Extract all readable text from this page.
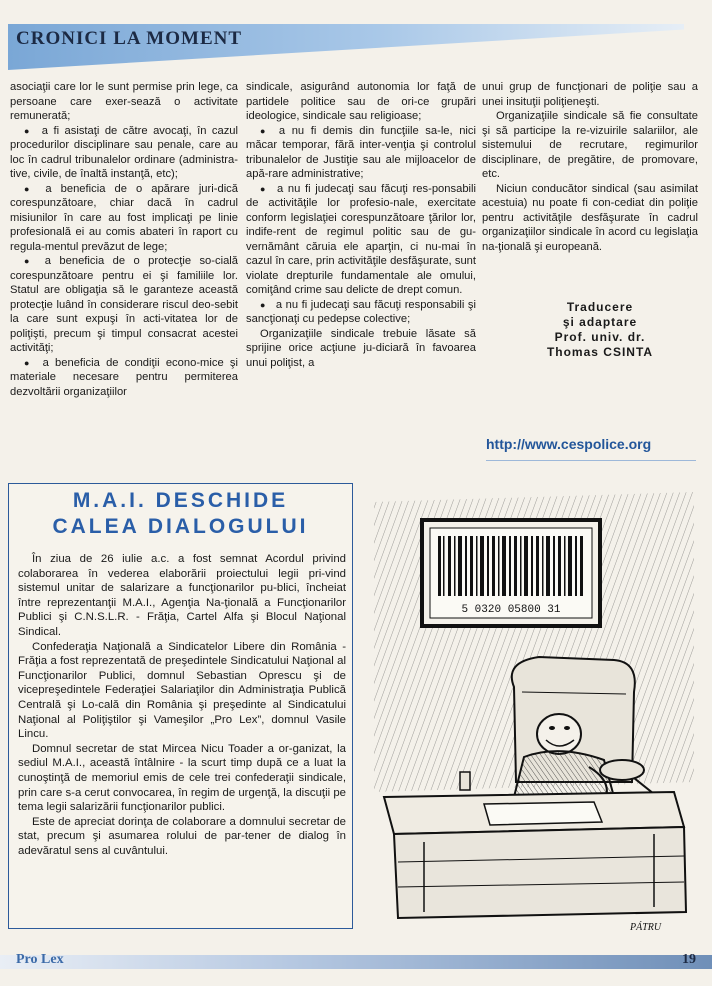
CRONICI LA MOMENT

asociaţii care lor le sunt permise prin lege, ca persoane care exer-sează o activitate remunerată;

● a fi asistaţi de către avocaţi, în cazul procedurilor disciplinare sau penale, care au loc în cadrul tribunalelor ordinare (administra-tive, civile, de înaltă instanţă, etc);

● a beneficia de o apărare juri-dică corespunzătoare, chiar dacă în cadrul misiunilor în care au fost implicaţi pe linie profesională ei au comis abateri în raport cu regula-mentul prevăzut de lege;

● a beneficia de o protecţie so-cială corespunzătoare pentru ei şi familiile lor. Statul are obligaţia să le garanteze această protecţie luând în considerare riscul deo-sebit la care sunt expuşi în acti-vitatea lor de poliţişti, precum şi timpul consacrat acestei activităţi;

● a beneficia de condiţii econo-mice şi materiale necesare pentru permiterea dezvoltării organizaţiilor

sindicale, asigurând autonomia lor faţă de partidele politice sau de ori-ce grupări ideologice, sindicale sau religioase;

● a nu fi demis din funcţiile sa-le, nici măcar temporar, fără inter-venţia şi controlul tribunalelor de Justiţie sau ale mijloacelor de apă-rare administrative;

● a nu fi judecaţi sau făcuţi res-ponsabili de activităţile lor profesio-nale, exercitate conform legislaţiei corespunzătoare ţărilor lor, indife-rent de regimul politic sau de gu-vernământ căruia ele aparţin, ci nu-mai în cazul în care, prin activităţile desfăşurate, sunt violate drepturile fundamentale ale omului, comiţând crime sau delicte de drept comun.

● a nu fi judecaţi sau făcuţi responsabili şi sancţionaţi cu pedepse colective;

Organizaţiile sindicale trebuie lăsate să sprijine orice acţiune ju-diciară în favoarea unui poliţist, a

unui grup de funcţionari de poliţie sau a unei insituţii poliţieneşti.

Organizaţiile sindicale să fie consultate şi să participe la re-vizuirile salariilor, ale sistemului de recrutare, regimurilor disciplinare, de pregătire, de promovare, etc.

Niciun conducător sindical (sau asimilat acestuia) nu poate fi con-cediat din poliţie pentru activităţile desfăşurate în cadrul organizaţiilor sindicale în acord cu legislaţia na-ţională şi europeană.

Traducere
şi adaptare
Prof. univ. dr.
Thomas CSINTA
http://www.cespolice.org
M.A.I. DESCHIDE
CALEA DIALOGULUI

În ziua de 26 iulie a.c. a fost semnat Acordul privind colaborarea în vederea elaborării proiectului legii pri-vind sistemul unitar de salarizare a funcţionarilor pu-blici, încheiat între reprezentanţii M.A.I., Agenţia Na-ţională a Funcţionarilor Publici şi C.N.S.L.R. - Frăţia, Cartel Alfa şi Blocul Naţional Sindical.

Confederaţia Naţională a Sindicatelor Libere din România - Frăţia a fost reprezentată de preşedintele Sindicatului Naţional al Funcţionarilor Publici, domnul Sebastian Oprescu şi de vicepreşedintele Federaţiei Salariaţilor din Administraţia Publică Centrală şi Lo-cală din România şi preşedinte al Sindicatului Naţional al Poliţiştilor şi Vameşilor „Pro Lex”, domnul Vasile Lincu.

Domnul secretar de stat Mircea Nicu Toader a or-ganizat, la sediul M.A.I., această întâlnire - la scurt timp după ce a luat la cunoştinţă de memoriul emis de cele trei confederaţii sindicale, prin care s-a cerut convocarea, în regim de urgenţă, la discuţii pe tema legii salarizării funcţionarilor publici.

Este de apreciat dorinţa de colaborare a domnului secretar de stat, precum şi asumarea rolului de par-tener de dialog în adevăratul sens al cuvântului.

5 0320 05800 31
PÁTRU
Pro Lex	19
